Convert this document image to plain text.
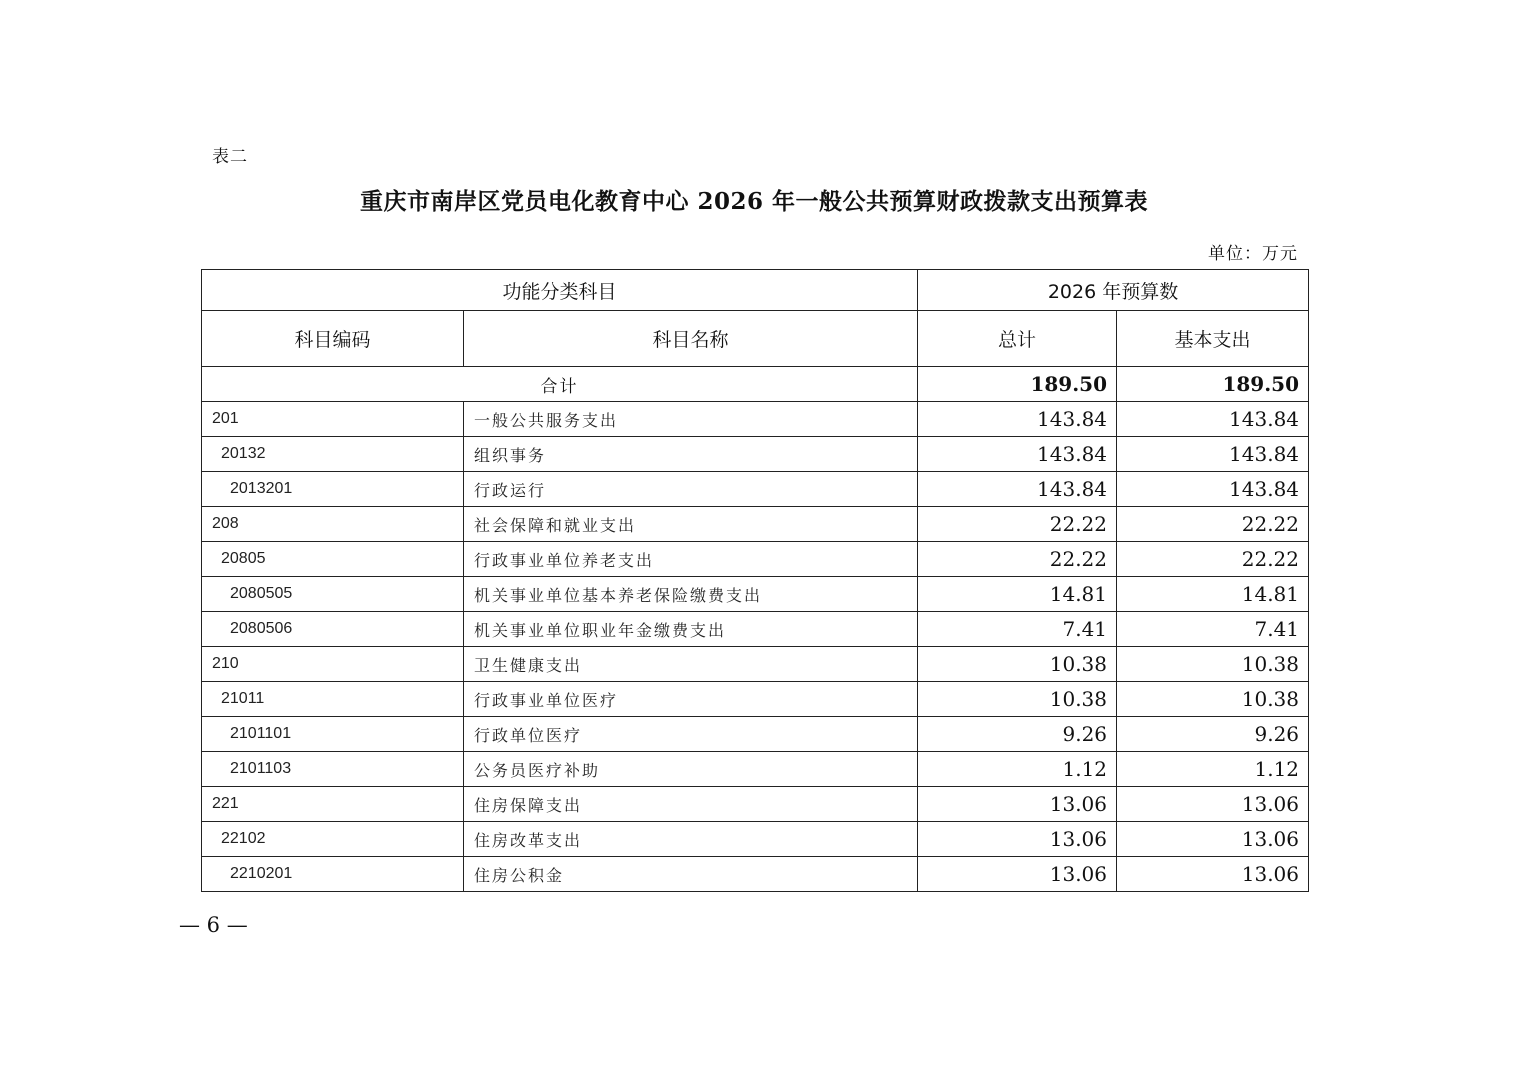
表二
重庆市南岸区党员电化教育中心 2026 年一般公共预算财政拨款支出预算表
单位：万元
功能分类科目		2026 年预算数	
科目编码	科目名称	总计	基本支出
合计		189.50	189.50
201	一般公共服务支出	143.84	143.84
20132	组织事务	143.84	143.84
2013201	行政运行	143.84	143.84
208	社会保障和就业支出	22.22	22.22
20805	行政事业单位养老支出	22.22	22.22
2080505	机关事业单位基本养老保险缴费支出	14.81	14.81
2080506	机关事业单位职业年金缴费支出	7.41	7.41
210	卫生健康支出	10.38	10.38
21011	行政事业单位医疗	10.38	10.38
2101101	行政单位医疗	9.26	9.26
2101103	公务员医疗补助	1.12	1.12
221	住房保障支出	13.06	13.06
22102	住房改革支出	13.06	13.06
2210201	住房公积金	13.06	13.06
— 6 —
